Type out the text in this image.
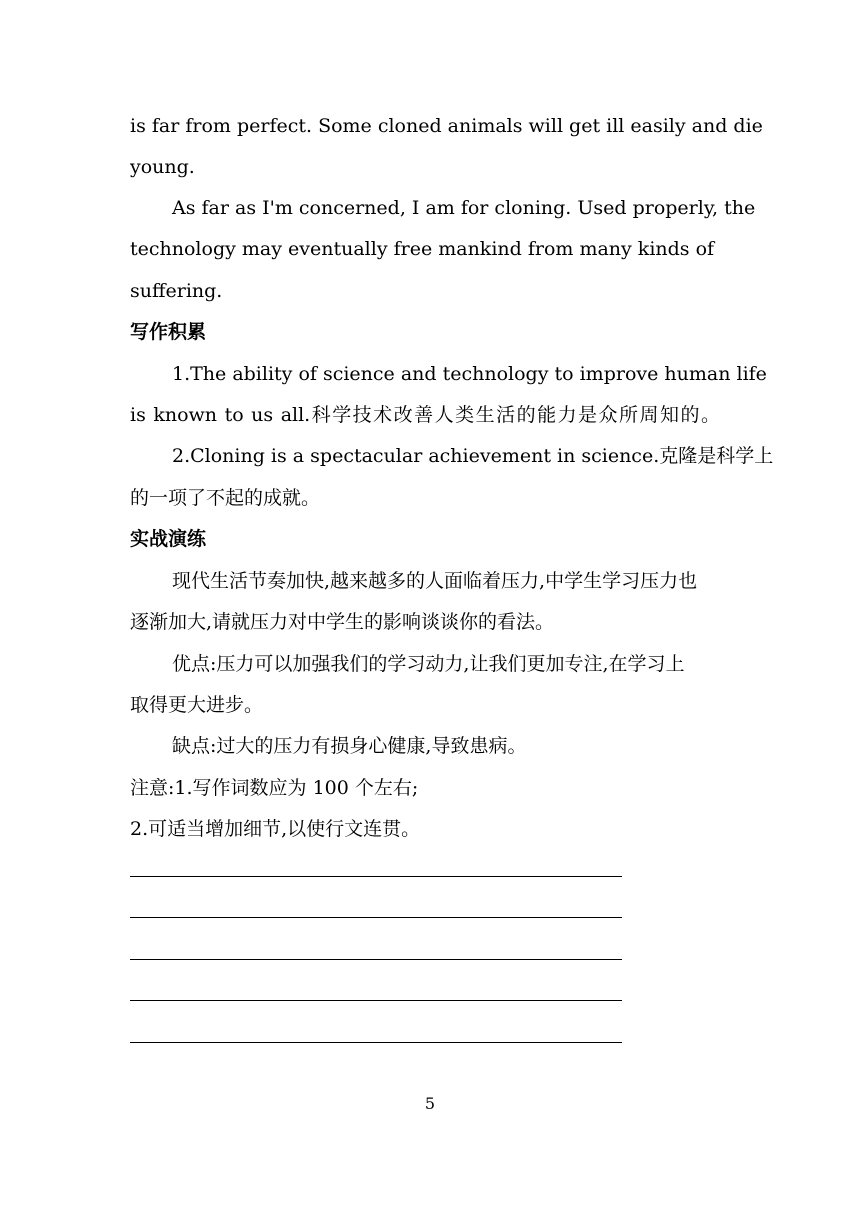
is far from perfect. Some cloned animals will get ill easily and die
young.
As far as I'm concerned, I am for cloning. Used properly, the
technology may eventually free mankind from many kinds of
suffering.
写作积累
1.The ability of science and technology to improve human life
is known to us all.科学技术改善人类生活的能力是众所周知的。
2.Cloning is a spectacular achievement in science.克隆是科学上
的一项了不起的成就。
实战演练
现代生活节奏加快,越来越多的人面临着压力,中学生学习压力也
逐渐加大,请就压力对中学生的影响谈谈你的看法。
优点:压力可以加强我们的学习动力,让我们更加专注,在学习上
取得更大进步。
缺点:过大的压力有损身心健康,导致患病。
注意:1.写作词数应为 100 个左右;
2.可适当增加细节,以使行文连贯。
5
